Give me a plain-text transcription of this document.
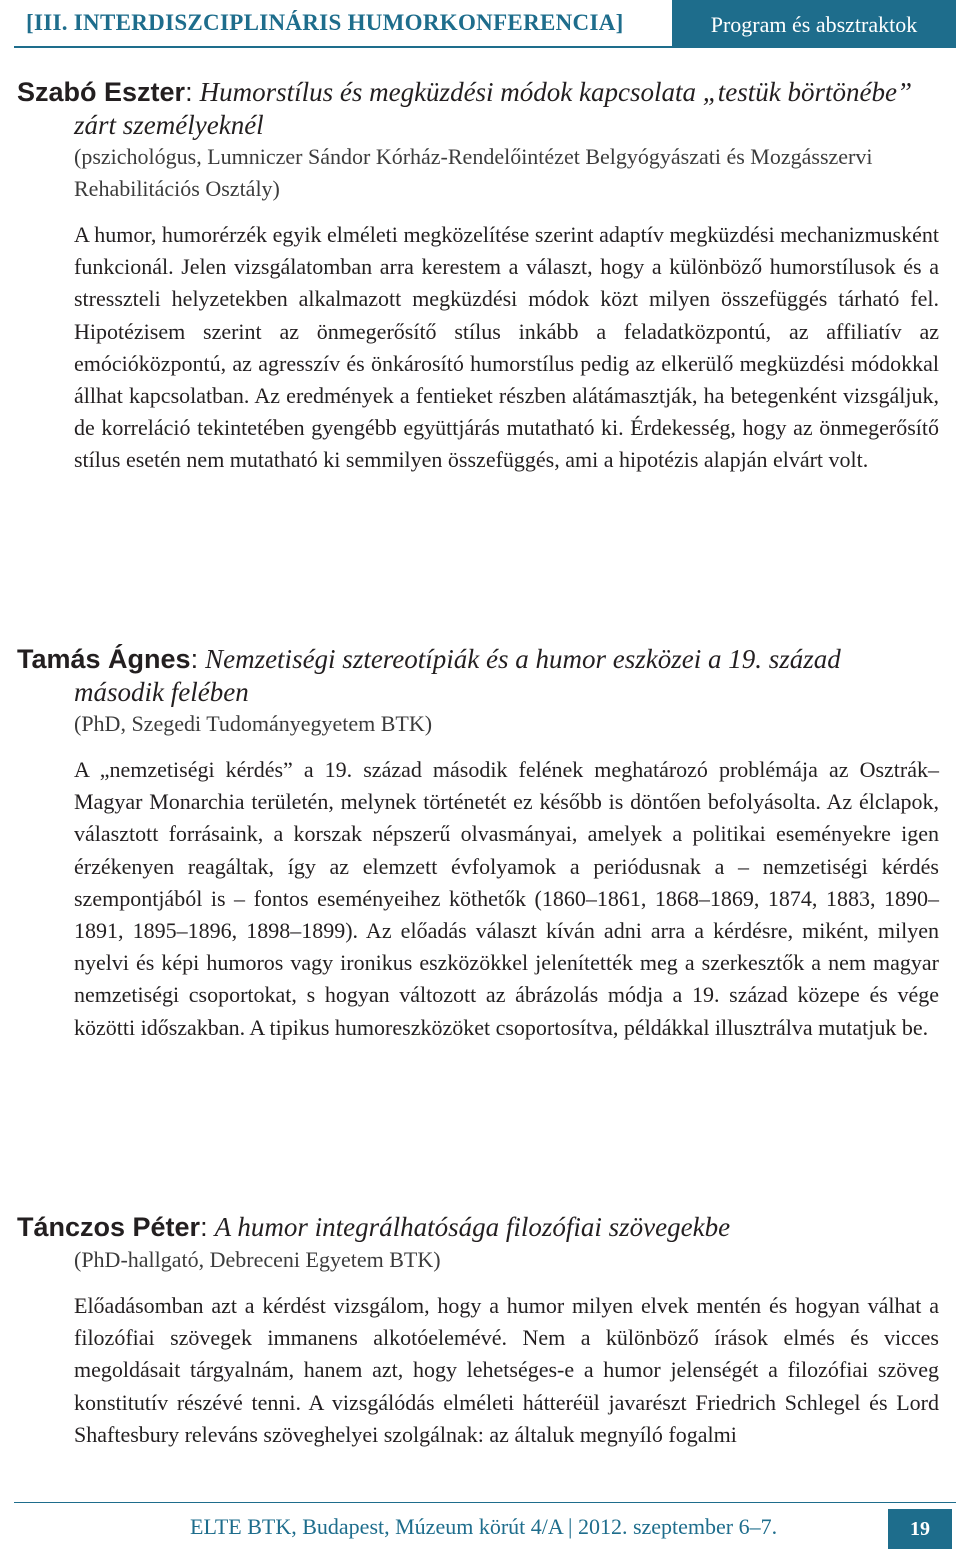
[III. INTERDISZCIPLINÁRIS HUMORKONFERENCIA]	Program és absztraktok

Szabó Eszter: Humorstílus és megküzdési módok kapcsolata „testük börtönébe”
zárt személyeknél

(pszichológus, Lumniczer Sándor Kórház-Rendelőintézet Belgyógyászati és Mozgásszervi Rehabilitációs Osztály)

A humor, humorérzék egyik elméleti megközelítése szerint adaptív megküzdési mechanizmusként funkcionál. Jelen vizsgálatomban arra kerestem a választ, hogy a különböző humorstílusok és a stresszteli helyzetekben alkalmazott megküzdési módok közt milyen összefüggés tárható fel. Hipotézisem szerint az önmegerősítő stílus inkább a feladatközpontú, az affiliatív az emócióközpontú, az agresszív és önkárosító humorstílus pedig az elkerülő megküzdési módokkal állhat kapcsolatban. Az eredmények a fentieket részben alátámasztják, ha betegenként vizsgáljuk, de korreláció tekintetében gyengébb együttjárás mutatható ki. Érdekesség, hogy az önmegerősítő stílus esetén nem mutatható ki semmilyen összefüggés, ami a hipotézis alapján elvárt volt.

Tamás Ágnes: Nemzetiségi sztereotípiák és a humor eszközei a 19. század
második felében

(PhD, Szegedi Tudományegyetem BTK)

A „nemzetiségi kérdés” a 19. század második felének meghatározó problémája az Osztrák–Magyar Monarchia területén, melynek történetét ez később is döntően befolyásolta. Az élclapok, választott forrásaink, a korszak népszerű olvasmányai, amelyek a politikai eseményekre igen érzékenyen reagáltak, így az elemzett évfolyamok a periódusnak a – nemzetiségi kérdés szempontjából is – fontos eseményeihez köthetők (1860–1861, 1868–1869, 1874, 1883, 1890–1891, 1895–1896, 1898–1899). Az előadás választ kíván adni arra a kérdésre, miként, milyen nyelvi és képi humoros vagy ironikus eszközökkel jelenítették meg a szerkesztők a nem magyar nemzetiségi csoportokat, s hogyan változott az ábrázolás módja a 19. század közepe és vége közötti időszakban. A tipikus humoreszközöket csoportosítva, példákkal illusztrálva mutatjuk be.

Tánczos Péter: A humor integrálhatósága filozófiai szövegekbe

(PhD-hallgató, Debreceni Egyetem BTK)

Előadásomban azt a kérdést vizsgálom, hogy a humor milyen elvek mentén és hogyan válhat a filozófiai szövegek immanens alkotóelemévé. Nem a különböző írások elmés és vicces megoldásait tárgyalnám, hanem azt, hogy lehetséges-e a humor jelenségét a filozófiai szöveg konstitutív részévé tenni. A vizsgálódás elméleti hátteréül javarészt Friedrich Schlegel és Lord Shaftesbury releváns szöveghelyei szolgálnak: az általuk megnyíló fogalmi

ELTE BTK, Budapest, Múzeum körút 4/A | 2012. szeptember 6–7.	19
